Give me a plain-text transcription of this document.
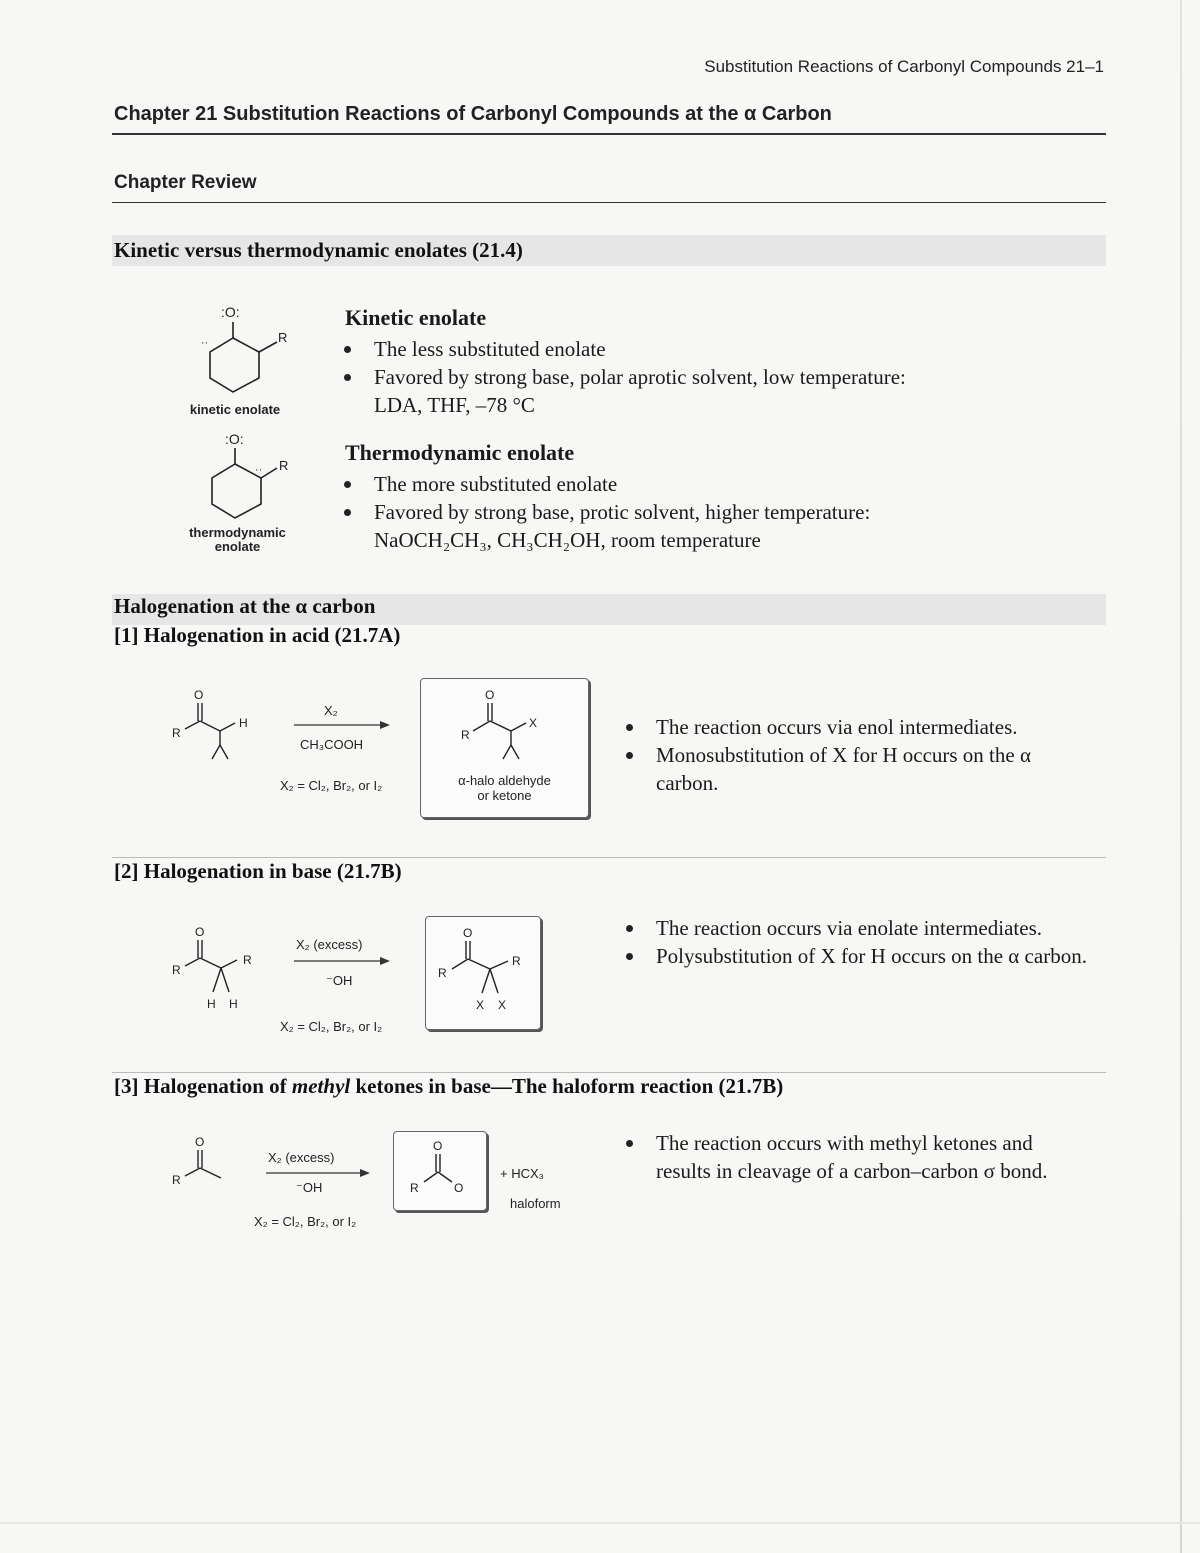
Substitution Reactions of Carbonyl Compounds 21–1
Chapter 21 Substitution Reactions of Carbonyl Compounds at the α Carbon
Chapter Review
Kinetic versus thermodynamic enolates (21.4)
:O:
··	R
kinetic enolate
:O:
·· R
thermodynamic
enolate
Kinetic enolate
The less substituted enolate
Favored by strong base, polar aprotic solvent, low temperature:
LDA, THF, –78 °C
Thermodynamic enolate
The more substituted enolate
Favored by strong base, protic solvent, higher temperature:
NaOCH₂CH₃, CH₃CH₂OH, room temperature
Halogenation at the α carbon
[1] Halogenation in acid (21.7A)
O
R
H
X₂
CH₃COOH
X₂ = Cl₂, Br₂, or I₂
O
R
X
α-halo aldehyde
or ketone
The reaction occurs via enol intermediates.
Monosubstitution of X for H occurs on the α carbon.
[2] Halogenation in base (21.7B)
O
R
R
H H
X₂ (excess)
⁻OH
X₂ = Cl₂, Br₂, or I₂
O
R
R
X X
The reaction occurs via enolate intermediates.
Polysubstitution of X for H occurs on the α carbon.
[3] Halogenation of methyl ketones in base—The haloform reaction (21.7B)
O
R
X₂ (excess)
⁻OH
X₂ = Cl₂, Br₂, or I₂
O
R	O
+ HCX₃
haloform
The reaction occurs with methyl ketones and results in cleavage of a carbon–carbon σ bond.
